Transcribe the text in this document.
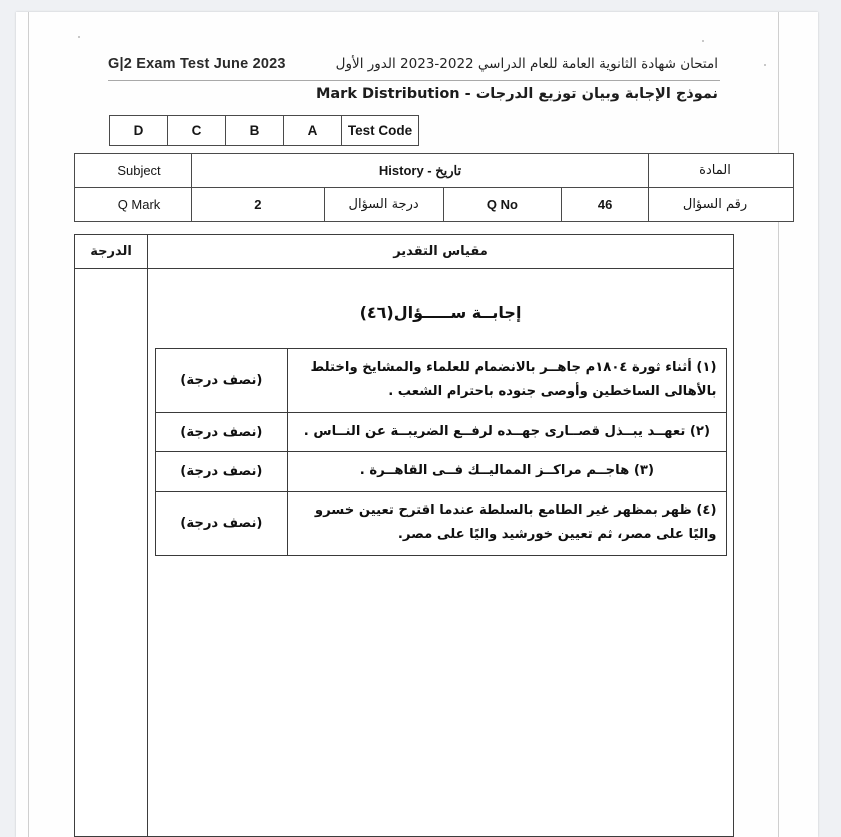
G|2 Exam Test June 2023	امتحان شهادة الثانوية العامة للعام الدراسي 2022-2023 الدور الأول
نموذج الإجابة وبيان توزيع الدرجات - Mark Distribution
D	C	B	A	Test Code
Subject	History - تاريخ				المادة
Q Mark	2	درجة السؤال	Q No	46	رقم السؤال
الدرجة	مقياس التقدير
إجابــة ســـــؤال(٤٦)
(نصف درجة)	(١) أثناء ثورة ١٨٠٤م جاهــر بالانضمام للعلماء والمشايخ واختلط بالأهالى الساخطين وأوصى جنوده باحترام الشعب .
(نصف درجة)	(٢) تعهــد يبــذل قصــارى جهــده لرفــع الضريبــة عن النــاس .
(نصف درجة)	(٣) هاجــم مراكــز المماليــك فــى القاهــرة .
(نصف درجة)	(٤) ظهر بمظهر غير الطامع بالسلطة عندما اقترح تعيين خسرو واليًا على مصر، ثم تعيين خورشيد واليًا على مصر.
